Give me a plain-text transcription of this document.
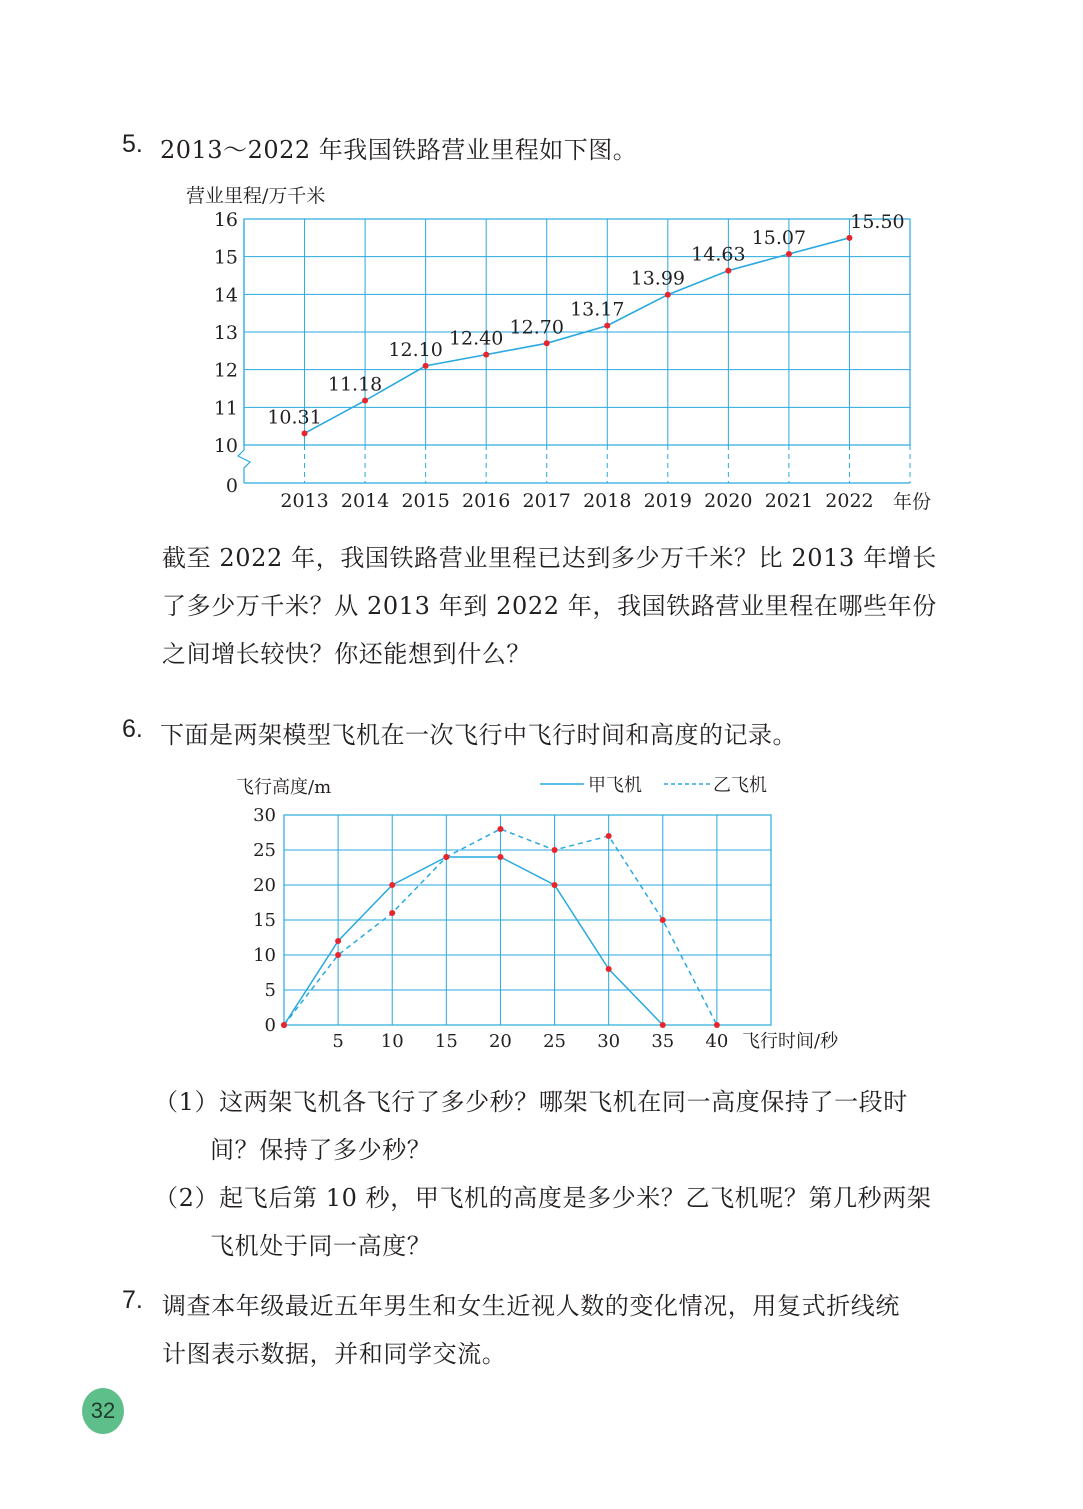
5. 2013～2022 年我国铁路营业里程如下图。
营业里程/万千米
年份
0
10
11
12
13
14
15
16
2013 2014 2015 2016 2017 2018 2019 2020 2021 2022
10.31
11.18
12.10
12.40
12.70
13.17
13.99
14.63
15.07
15.50
截至 2022 年，我国铁路营业里程已达到多少万千米？比 2013 年增长
了多少万千米？从 2013 年到 2022 年，我国铁路营业里程在哪些年份
之间增长较快？你还能想到什么？
6. 下面是两架模型飞机在一次飞行中飞行时间和高度的记录。
飞行高度/m
飞行时间/秒
甲飞机	乙飞机
0
5
10
15
20
25
30
5 10 15 20 25 30 35 40
（1）这两架飞机各飞行了多少秒？哪架飞机在同一高度保持了一段时
间？保持了多少秒？
（2）起飞后第 10 秒，甲飞机的高度是多少米？乙飞机呢？第几秒两架
飞机处于同一高度？
7. 调查本年级最近五年男生和女生近视人数的变化情况，用复式折线统
计图表示数据，并和同学交流。
32
